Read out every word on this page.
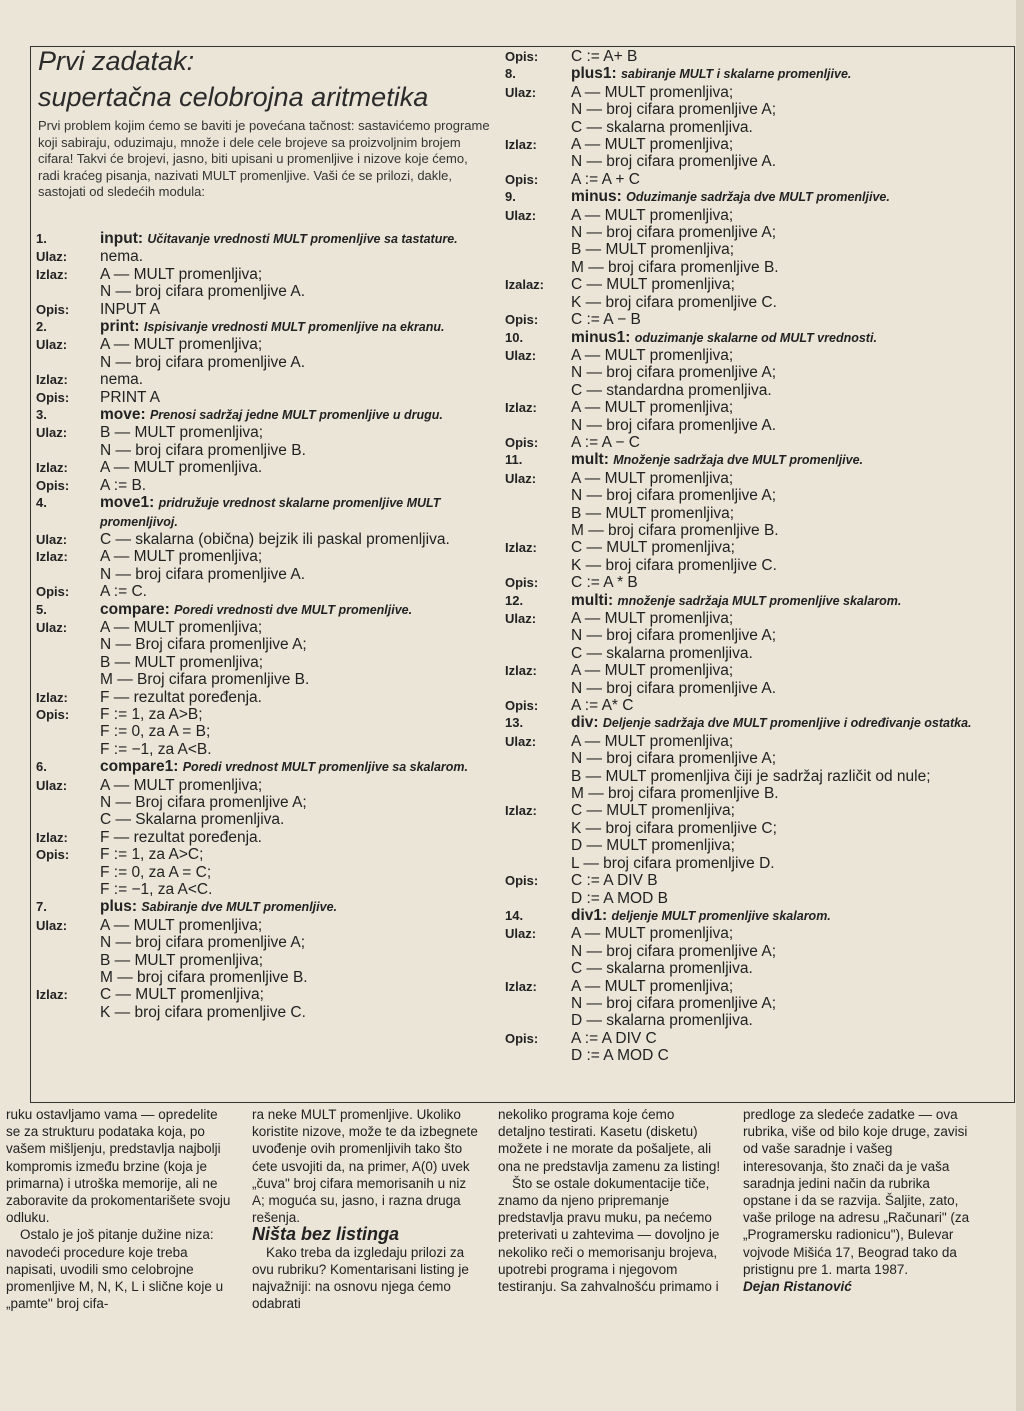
Prvi zadatak:
supertačna celobrojna aritmetika
Prvi problem kojim ćemo se baviti je povećana tačnost: sastavićemo programe koji sabiraju, oduzimaju, množe i dele cele brojeve sa proizvoljnim brojem cifara! Takvi će brojevi, jasno, biti upisani u promenljive i nizove koje ćemo, radi kraćeg pisanja, nazivati MULT promenljive. Vaši će se prilozi, dakle, sastojati od sledećih modula:
1.	input: Učitavanje vrednosti MULT promenljive sa tastature.
Ulaz:	nema.
Izlaz:	A — MULT promenljiva;
N — broj cifara promenljive A.
Opis:	INPUT A
2.	print: Ispisivanje vrednosti MULT promenljive na ekranu.
Ulaz:	A — MULT promenljiva;
N — broj cifara promenljive A.
Izlaz:	nema.
Opis:	PRINT A
3.	move: Prenosi sadržaj jedne MULT promenljive u drugu.
Ulaz:	B — MULT promenljiva;
N — broj cifara promenljive B.
Izlaz:	A — MULT promenljiva.
Opis:	A := B.
4.	move1: pridružuje vrednost skalarne promenljive MULT promenljivoj.
Ulaz:	C — skalarna (obična) bejzik ili paskal promenljiva.
Izlaz:	A — MULT promenljiva;
N — broj cifara promenljive A.
Opis:	A := C.
5.	compare: Poredi vrednosti dve MULT promenljive.
Ulaz:	A — MULT promenljiva;
N — Broj cifara promenljive A;
B — MULT promenljiva;
M — Broj cifara promenljive B.
Izlaz:	F — rezultat poređenja.
Opis:	F := 1, za A>B;
F := 0, za A = B;
F := −1, za A<B.
6.	compare1: Poredi vrednost MULT promenljive sa skalarom.
Ulaz:	A — MULT promenljiva;
N — Broj cifara promenljive A;
C — Skalarna promenljiva.
Izlaz:	F — rezultat poređenja.
Opis:	F := 1, za A>C;
F := 0, za A = C;
F := −1, za A<C.
7.	plus: Sabiranje dve MULT promenljive.
Ulaz:	A — MULT promenljiva;
N — broj cifara promenljive A;
B — MULT promenljiva;
M — broj cifara promenljive B.
Izlaz:	C — MULT promenljiva;
K — broj cifara promenljive C.
Opis:	C := A+ B
8.	plus1: sabiranje MULT i skalarne promenljive.
Ulaz:	A — MULT promenljiva;
N — broj cifara promenljive A;
C — skalarna promenljiva.
Izlaz:	A — MULT promenljiva;
N — broj cifara promenljive A.
Opis:	A := A + C
9.	minus: Oduzimanje sadržaja dve MULT promenljive.
Ulaz:	A — MULT promenljiva;
N — broj cifara promenljive A;
B — MULT promenljiva;
M — broj cifara promenljive B.
Izalaz:	C — MULT promenljiva;
K — broj cifara promenljive C.
Opis:	C := A − B
10.	minus1: oduzimanje skalarne od MULT vrednosti.
Ulaz:	A — MULT promenljiva;
N — broj cifara promenljive A;
C — standardna promenljiva.
Izlaz:	A — MULT promenljiva;
N — broj cifara promenljive A.
Opis:	A := A − C
11.	mult: Množenje sadržaja dve MULT promenljive.
Ulaz:	A — MULT promenljiva;
N — broj cifara promenljive A;
B — MULT promenljiva;
M — broj cifara promenljive B.
Izlaz:	C — MULT promenljiva;
K — broj cifara promenljive C.
Opis:	C := A * B
12.	multi: množenje sadržaja MULT promenljive skalarom.
Ulaz:	A — MULT promenljiva;
N — broj cifara promenljive A;
C — skalarna promenljiva.
Izlaz:	A — MULT promenljiva;
N — broj cifara promenljive A.
Opis:	A := A* C
13.	div: Deljenje sadržaja dve MULT promenljive i određivanje ostatka.
Ulaz:	A — MULT promenljiva;
N — broj cifara promenljive A;
B — MULT promenljiva čiji je sadržaj različit od nule;
M — broj cifara promenljive B.
Izlaz:	C — MULT promenljiva;
K — broj cifara promenljive C;
D — MULT promenljiva;
L — broj cifara promenljive D.
Opis:	C := A DIV B
D := A MOD B
14.	div1: deljenje MULT promenljive skalarom.
Ulaz:	A — MULT promenljiva;
N — broj cifara promenljive A;
C — skalarna promenljiva.
Izlaz:	A — MULT promenljiva;
N — broj cifara promenljive A;
D — skalarna promenljiva.
Opis:	A := A DIV C
D := A MOD C

ruku ostavljamo vama — opredelite se za strukturu podataka koja, po vašem mišljenju, predstavlja najbolji kompromis između brzine (koja je primarna) i utroška memorije, ali ne zaboravite da prokomentarišete svoju odluku.

Ostalo je još pitanje dužine niza: navodeći procedure koje treba napisati, uvodili smo celobrojne promenljive M, N, K, L i slične koje u „pamte" broj cifa-

ra neke MULT promenljive. Ukoliko koristite nizove, može te da izbegnete uvođenje ovih promenljivih tako što ćete usvojiti da, na primer, A(0) uvek „čuva" broj cifara memorisanih u niz A; moguća su, jasno, i razna druga rešenja.

Ništa bez listinga

Kako treba da izgledaju prilozi za ovu rubriku? Komentarisani listing je najvažniji: na osnovu njega ćemo odabrati

nekoliko programa koje ćemo detaljno testirati. Kasetu (disketu) možete i ne morate da pošaljete, ali ona ne predstavlja zamenu za listing!

Što se ostale dokumentacije tiče, znamo da njeno pripremanje predstavlja pravu muku, pa nećemo preterivati u zahtevima — dovoljno je nekoliko reči o memorisanju brojeva, upotrebi programa i njegovom testiranju. Sa zahvalnošću primamo i

predloge za sledeće zadatke — ova rubrika, više od bilo koje druge, zavisi od vaše saradnje i vašeg interesovanja, što znači da je vaša saradnja jedini način da rubrika opstane i da se razvija. Šaljite, zato, vaše priloge na adresu „Računari" (za „Programersku radionicu"), Bulevar vojvode Mišića 17, Beograd tako da pristignu pre 1. marta 1987.

Dejan Ristanović
